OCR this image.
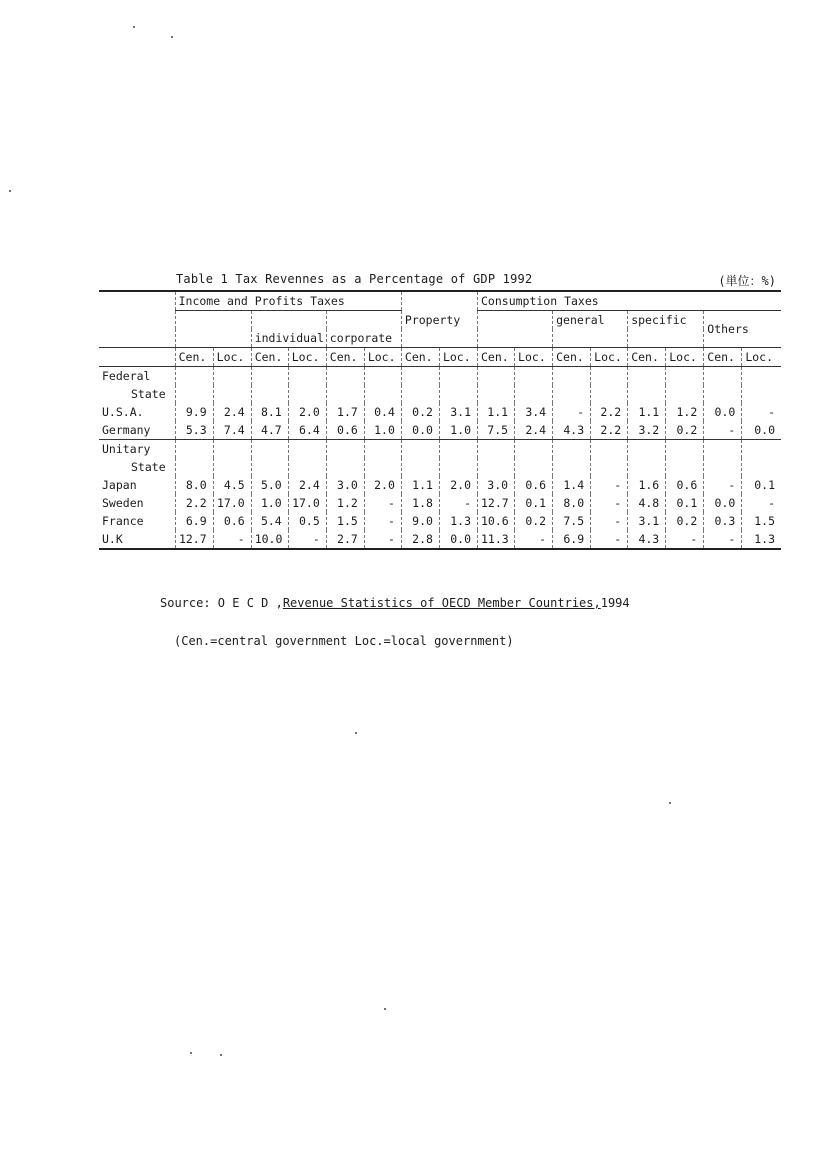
Table 1 Tax Revennes as a Percentage of GDP 1992	(単位：%)
	Income and Profits Taxes						Property		Consumption Taxes							
											general		specific		Others	
			individual		corporate											
	Cen.	Loc.	Cen.	Loc.	Cen.	Loc.	Cen.	Loc.	Cen.	Loc.	Cen.	Loc.	Cen.	Loc.	Cen.	Loc.
Federal																
State																
U.S.A.	9.9	2.4	8.1	2.0	1.7	0.4	0.2	3.1	1.1	3.4	-	2.2	1.1	1.2	0.0	-
Germany	5.3	7.4	4.7	6.4	0.6	1.0	0.0	1.0	7.5	2.4	4.3	2.2	3.2	0.2	-	0.0
Unitary																
State																
Japan	8.0	4.5	5.0	2.4	3.0	2.0	1.1	2.0	3.0	0.6	1.4	-	1.6	0.6	-	0.1
Sweden	2.2	17.0	1.0	17.0	1.2	-	1.8	-	12.7	0.1	8.0	-	4.8	0.1	0.0	-
France	6.9	0.6	5.4	0.5	1.5	-	9.0	1.3	10.6	0.2	7.5	-	3.1	0.2	0.3	1.5
U.K	12.7	-	10.0	-	2.7	-	2.8	0.0	11.3	-	6.9	-	4.3	-	-	1.3
Source: O E C D ,Revenue Statistics of OECD Member Countries,1994
(Cen.=central government Loc.=local government)
